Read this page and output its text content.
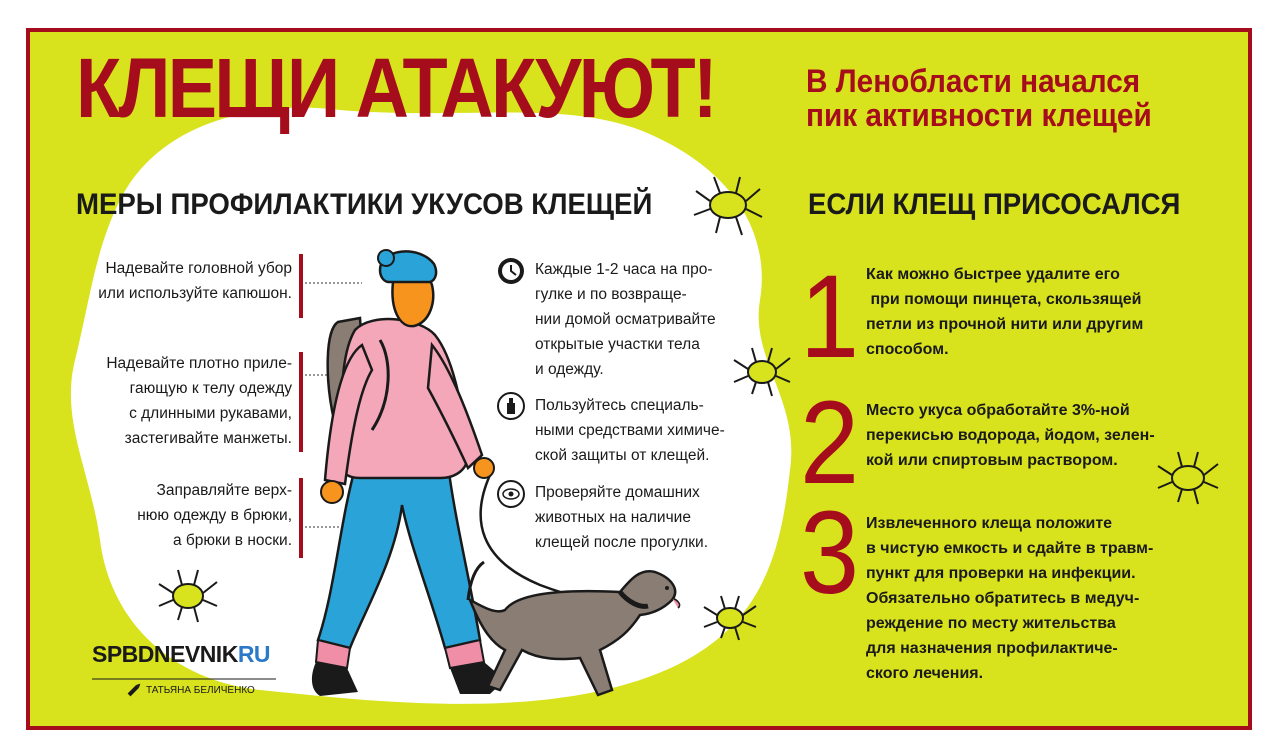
КЛЕЩИ АТАКУЮТ!	В Ленобласти начался
пик активности клещей
МЕРЫ ПРОФИЛАКТИКИ УКУСОВ КЛЕЩЕЙ	ЕСЛИ КЛЕЩ ПРИСОСАЛСЯ
Надевайте головной убор
или используйте капюшон.
Надевайте плотно приле-
гающую к телу одежду
с длинными рукавами,
застегивайте манжеты.
Заправляйте верх-
нюю одежду в брюки,
а брюки в носки.
Каждые 1-2 часа на про-
гулке и по возвраще-
нии домой осматривайте
открытые участки тела
и одежду.
Пользуйтесь специаль-
ными средствами химиче-
ской защиты от клещей.
Проверяйте домашних
животных на наличие
клещей после прогулки.
1 Как можно быстрее удалите его
при помощи пинцета, скользящей
петли из прочной нити или другим
способом.
2 Место укуса обработайте 3%-ной
перекисью водорода, йодом, зелен-
кой или спиртовым раствором.
3 Извлеченного клеща положите
в чистую емкость и сдайте в травм-
пункт для проверки на инфекции.
Обязательно обратитесь в медуч-
реждение по месту жительства
для назначения профилактиче-
ского лечения.
SPBDNEVNIKRU
ТАТЬЯНА БЕЛИЧЕНКО
